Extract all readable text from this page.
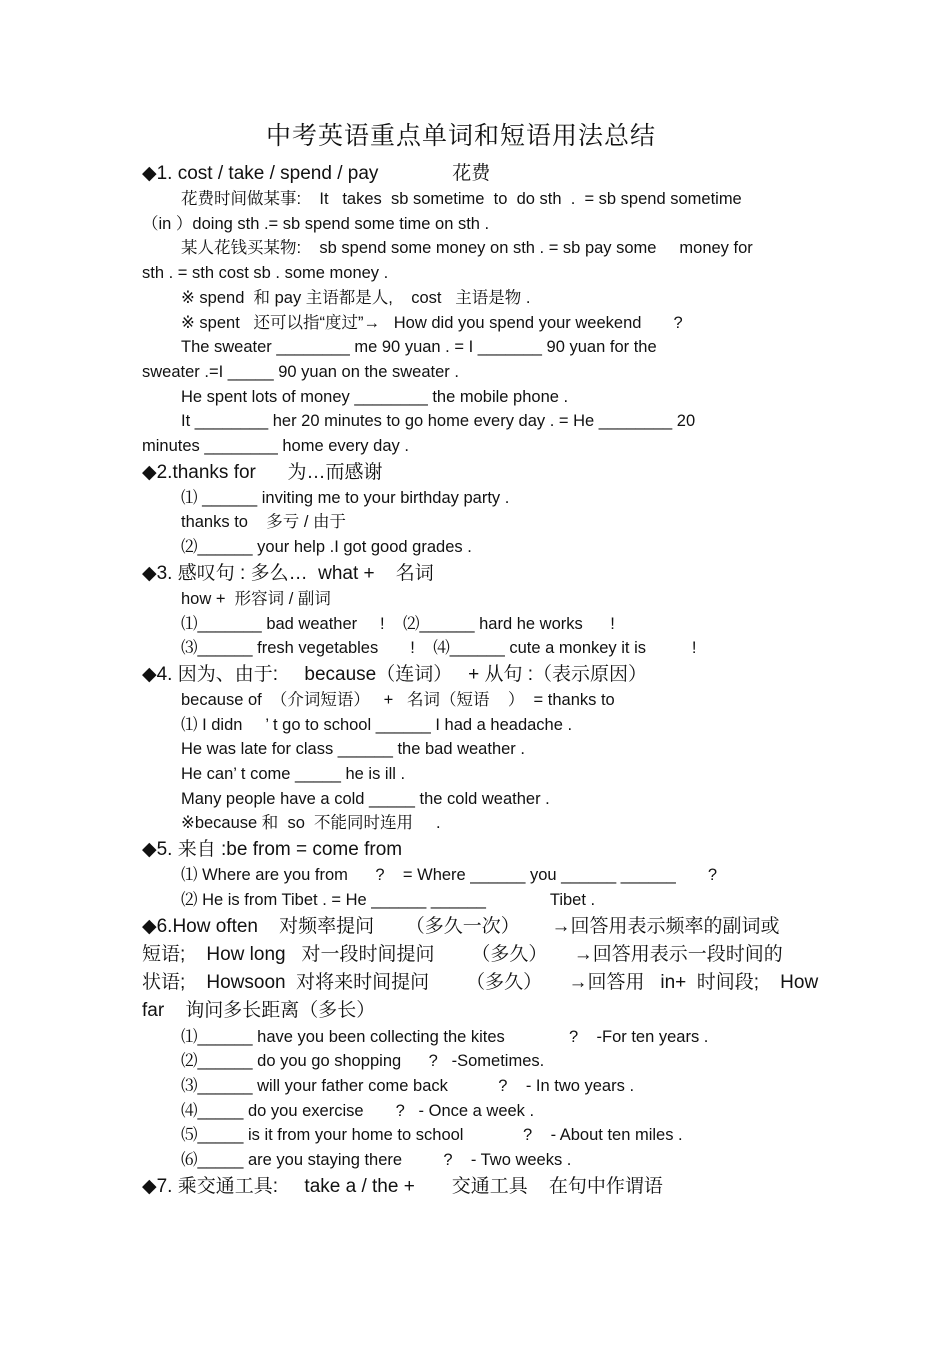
中考英语重点单词和短语用法总结
◆1. cost / take / spend / pay              花费
花费时间做某事:    It   takes  sb sometime  to  do sth  .  = sb spend sometime
（in ）doing sth .= sb spend some time on sth .
某人花钱买某物:    sb spend some money on sth . = sb pay some     money for
sth . = sth cost sb . some money .
※ spend  和 pay 主语都是人,    cost   主语是物 .
※ spent   还可以指“度过”→   How did you spend your weekend       ?
The sweater ________ me 90 yuan . = I _______ 90 yuan for the
sweater .=I _____ 90 yuan on the sweater .
He spent lots of money ________ the mobile phone .
It ________ her 20 minutes to go home every day . = He ________ 20
minutes ________ home every day .
◆2.thanks for      为…而感谢
⑴ ______ inviting me to your birthday party .
thanks to    多亏 / 由于
⑵______ your help .I got good grades .
◆3. 感叹句 : 多么…  what +    名词
how +  形容词 / 副词
⑴_______ bad weather     !    ⑵______ hard he works      !
⑶______ fresh vegetables       !    ⑷______ cute a monkey it is          !
◆4. 因为、由于:     because（连词）   + 从句 :（表示原因）
because of  （介词短语）   +   名词（短语    ）  = thanks to
⑴ I didn     ’ t go to school ______ I had a headache .
He was late for class ______ the bad weather .
He can’ t come _____ he is ill .
Many people have a cold _____ the cold weather .
※because 和  so  不能同时连用     .
◆5. 来自 :be from = come from
⑴ Where are you from      ?    = Where ______ you ______ ______       ?
⑵ He is from Tibet . = He ______ ______              Tibet .
◆6.How often    对频率提问      （多久一次）      →回答用表示频率的副词或
短语;    How long   对一段时间提问       （多久）     →回答用表示一段时间的
状语;    Howsoon  对将来时间提问       （多久）     →回答用   in+  时间段;    How
far    询问多长距离（多长）
⑴______ have you been collecting the kites              ?    -For ten years .
⑵______ do you go shopping      ?   -Sometimes.
⑶______ will your father come back           ?    - In two years .
⑷_____ do you exercise       ?   - Once a week .
⑸_____ is it from your home to school             ?    - About ten miles .
⑹_____ are you staying there         ?    - Two weeks .
◆7. 乘交通工具:     take a / the +       交通工具    在句中作谓语
